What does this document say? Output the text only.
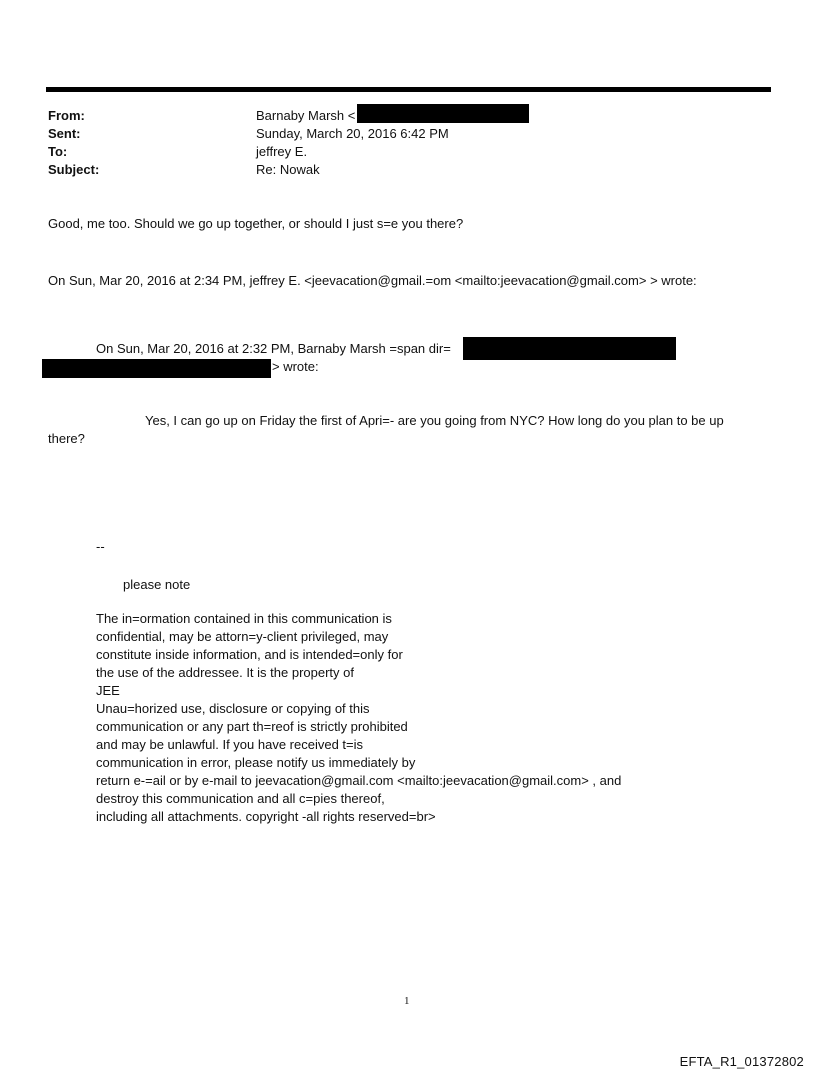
From:	Barnaby Marsh <
Sent:	Sunday, March 20, 2016 6:42 PM
To:	jeffrey E.
Subject:	Re: Nowak
Good, me too. Should we go up together, or should I just s=e you there?
On Sun, Mar 20, 2016 at 2:34 PM, jeffrey E. <jeevacation@gmail.=om <mailto:jeevacation@gmail.com> > wrote:
On Sun, Mar 20, 2016 at 2:32 PM, Barnaby Marsh =span dir=
> wrote:
Yes, I can go up on Friday the first of Apri=- are you going from NYC? How long do you plan to be up
there?
--
please note
The in=ormation contained in this communication is
confidential, may be attorn=y-client privileged, may
constitute inside information, and is intended=only for
the use of the addressee. It is the property of
JEE
Unau=horized use, disclosure or copying of this
communication or any part th=reof is strictly prohibited
and may be unlawful. If you have received t=is
communication in error, please notify us immediately by
return e-=ail or by e-mail to jeevacation@gmail.com <mailto:jeevacation@gmail.com> , and
destroy this communication and all c=pies thereof,
including all attachments. copyright -all rights reserved=br>
1
EFTA_R1_01372802
